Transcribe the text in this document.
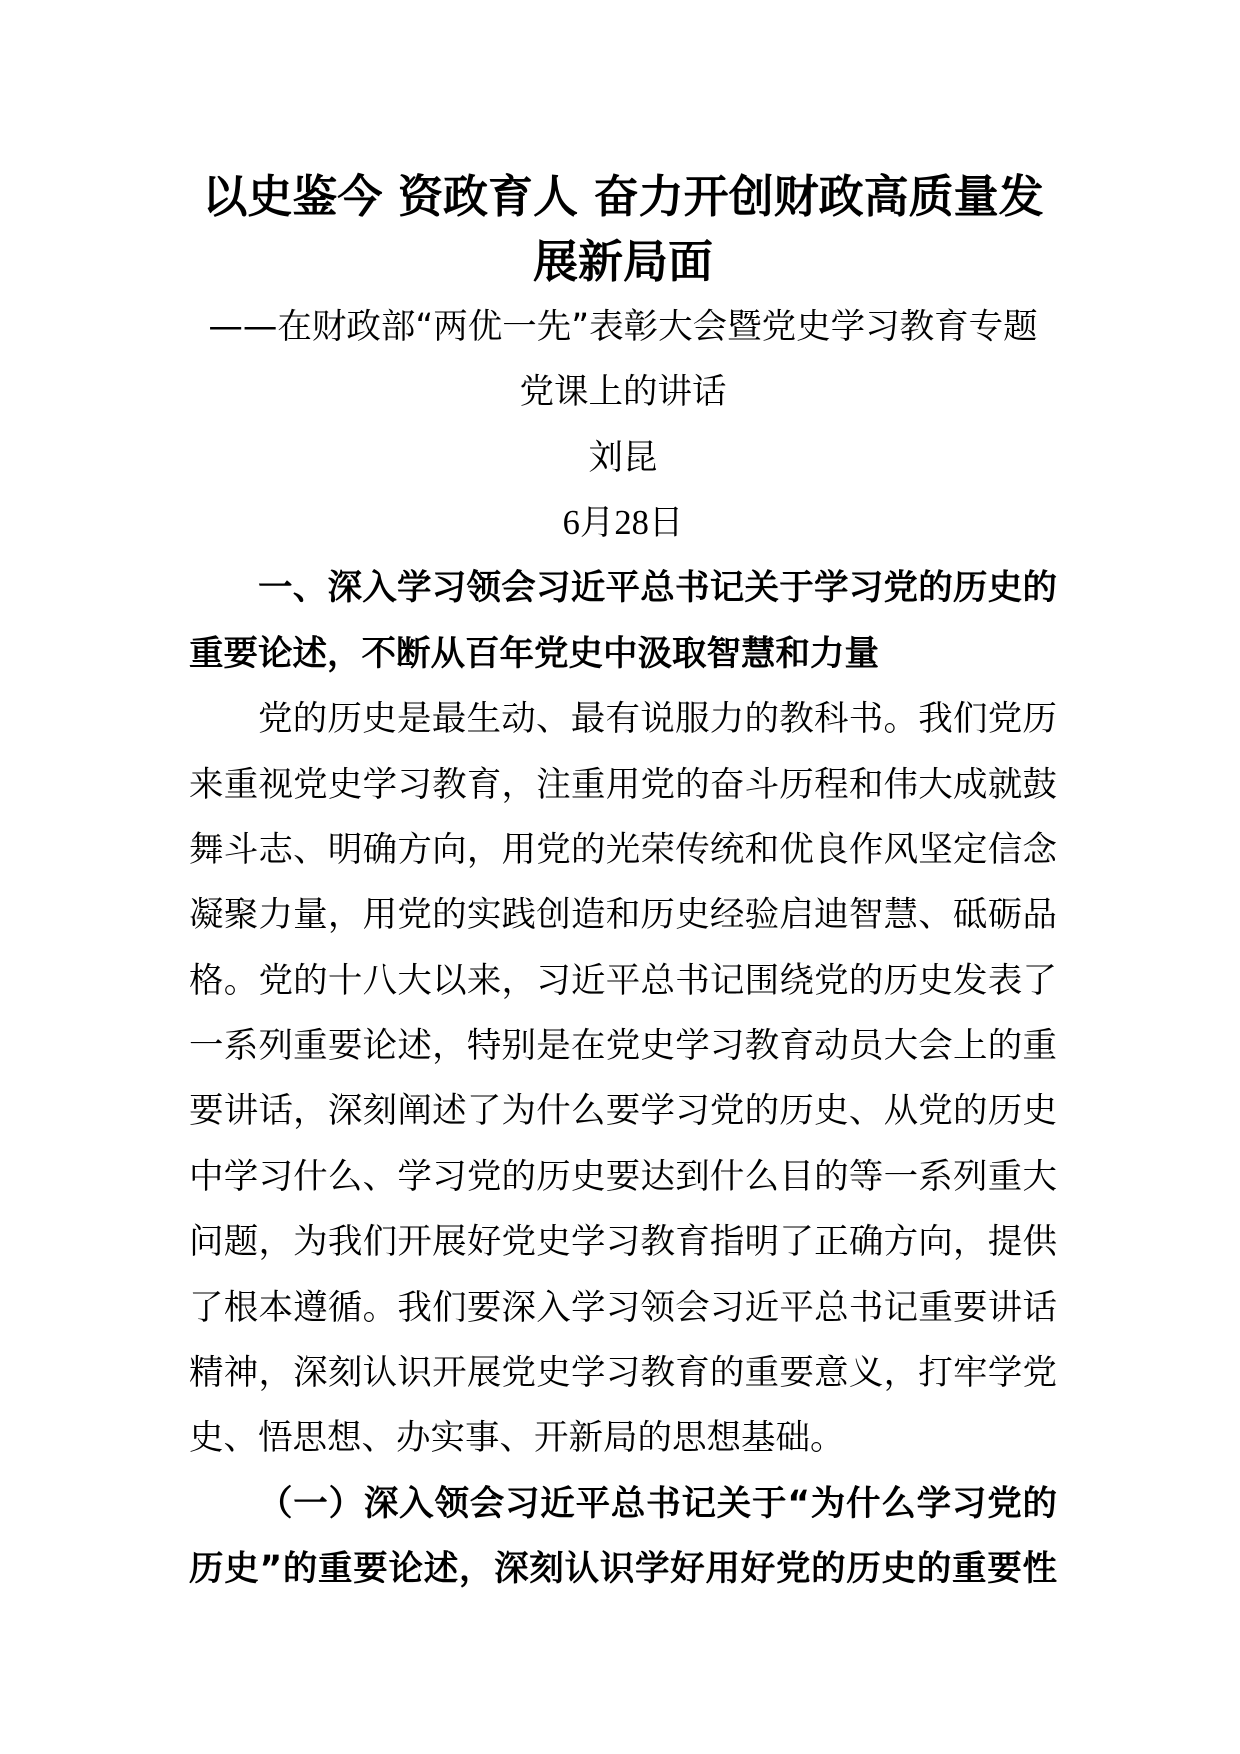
以史鉴今 资政育人 奋力开创财政高质量发
展新局面
——在财政部“两优一先”表彰大会暨党史学习教育专题
党课上的讲话
刘昆
6月28日
一、深入学习领会习近平总书记关于学习党的历史的
重要论述，不断从百年党史中汲取智慧和力量
党的历史是最生动、最有说服力的教科书。我们党历
来重视党史学习教育，注重用党的奋斗历程和伟大成就鼓
舞斗志、明确方向，用党的光荣传统和优良作风坚定信念
凝聚力量，用党的实践创造和历史经验启迪智慧、砥砺品
格。党的十八大以来，习近平总书记围绕党的历史发表了
一系列重要论述，特别是在党史学习教育动员大会上的重
要讲话，深刻阐述了为什么要学习党的历史、从党的历史
中学习什么、学习党的历史要达到什么目的等一系列重大
问题，为我们开展好党史学习教育指明了正确方向，提供
了根本遵循。我们要深入学习领会习近平总书记重要讲话
精神，深刻认识开展党史学习教育的重要意义，打牢学党
史、悟思想、办实事、开新局的思想基础。
（一）深入领会习近平总书记关于“为什么学习党的
历史”的重要论述，深刻认识学好用好党的历史的重要性
